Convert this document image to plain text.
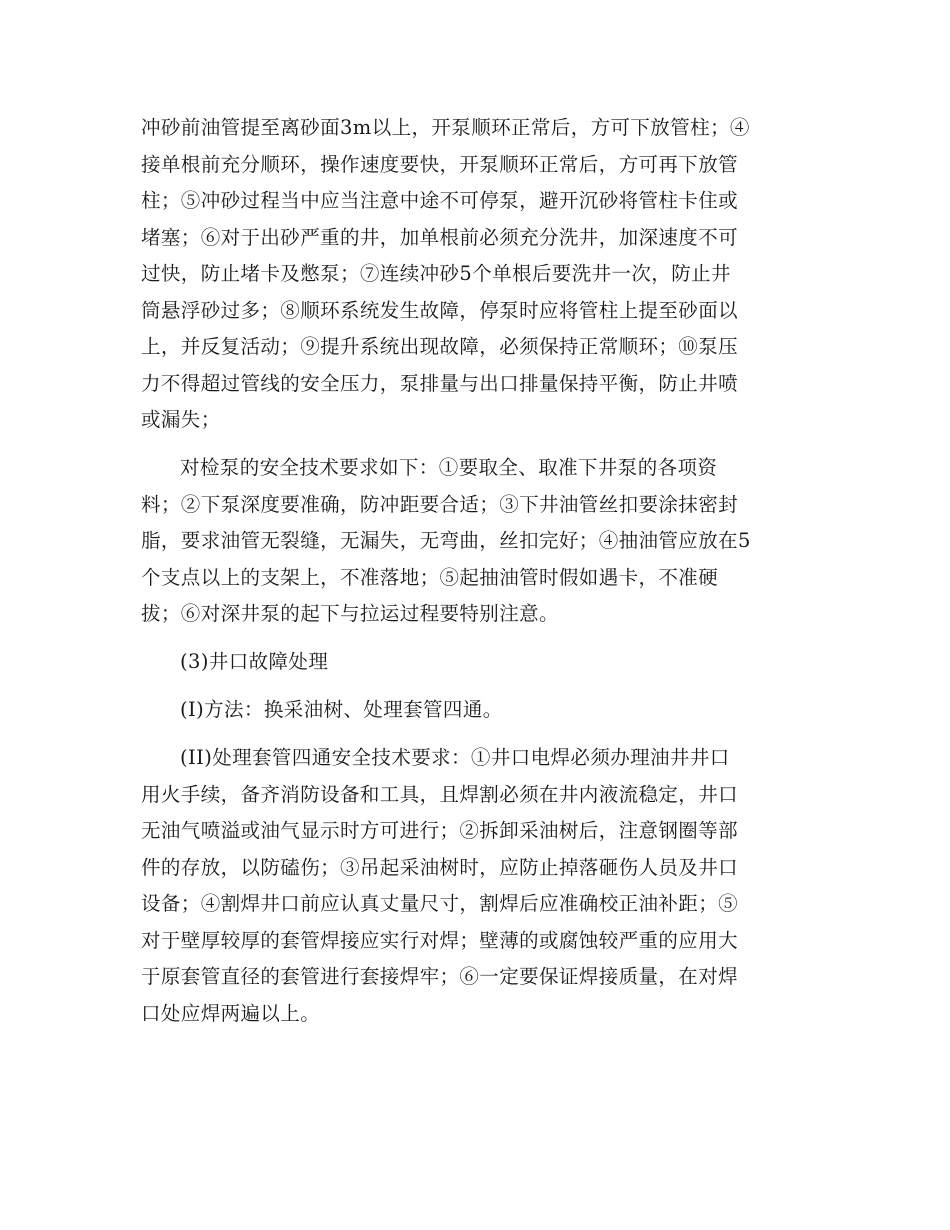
冲砂前油管提至离砂面3m以上，开泵顺环正常后，方可下放管柱；④
接单根前充分顺环，操作速度要快，开泵顺环正常后，方可再下放管
柱；⑤冲砂过程当中应当注意中途不可停泵，避开沉砂将管柱卡住或
堵塞；⑥对于出砂严重的井，加单根前必须充分洗井，加深速度不可
过快，防止堵卡及憋泵；⑦连续冲砂5个单根后要洗井一次，防止井
筒悬浮砂过多；⑧顺环系统发生故障，停泵时应将管柱上提至砂面以
上，并反复活动；⑨提升系统出现故障，必须保持正常顺环；⑩泵压
力不得超过管线的安全压力，泵排量与出口排量保持平衡，防止井喷
或漏失；

对检泵的安全技术要求如下：①要取全、取准下井泵的各项资
料；②下泵深度要准确，防冲距要合适；③下井油管丝扣要涂抹密封
脂，要求油管无裂缝，无漏失，无弯曲，丝扣完好；④抽油管应放在5
个支点以上的支架上，不准落地；⑤起抽油管时假如遇卡，不准硬
拔；⑥对深井泵的起下与拉运过程要特别注意。

(3)井口故障处理

(I)方法：换采油树、处理套管四通。

(II)处理套管四通安全技术要求：①井口电焊必须办理油井井口
用火手续，备齐消防设备和工具，且焊割必须在井内液流稳定，井口
无油气喷溢或油气显示时方可进行；②拆卸采油树后，注意钢圈等部
件的存放，以防磕伤；③吊起采油树时，应防止掉落砸伤人员及井口
设备；④割焊井口前应认真丈量尺寸，割焊后应准确校正油补距；⑤
对于壁厚较厚的套管焊接应实行对焊；壁薄的或腐蚀较严重的应用大
于原套管直径的套管进行套接焊牢；⑥一定要保证焊接质量，在对焊
口处应焊两遍以上。
